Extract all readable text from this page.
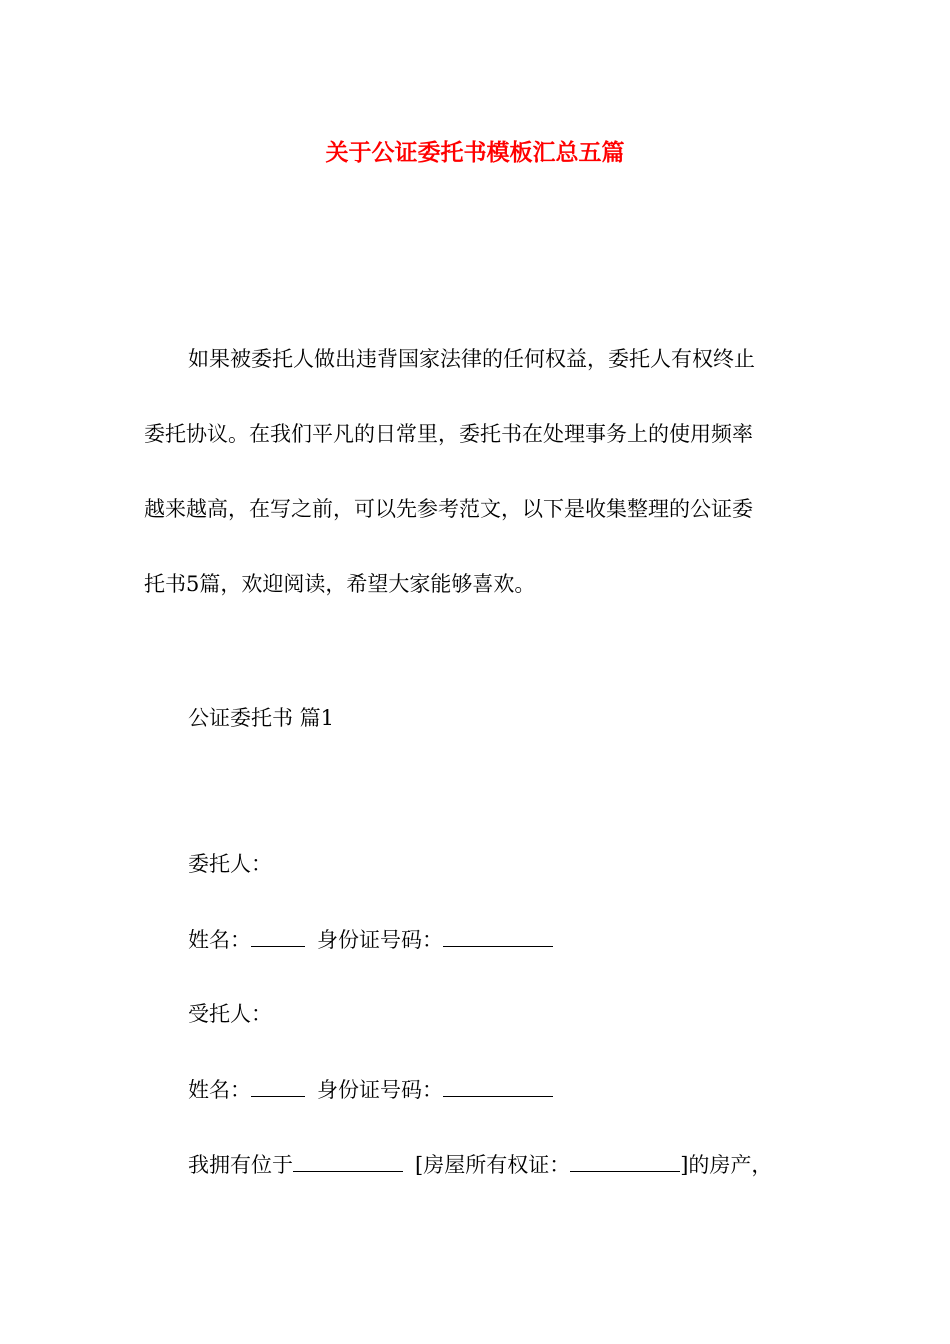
关于公证委托书模板汇总五篇
如果被委托人做出违背国家法律的任何权益，委托人有权终止
委托协议。在我们平凡的日常里，委托书在处理事务上的使用频率
越来越高，在写之前，可以先参考范文，以下是收集整理的公证委
托书5篇，欢迎阅读，希望大家能够喜欢。
公证委托书 篇1
委托人：
姓名：	身份证号码：
受托人：
姓名：	身份证号码：
我拥有位于	[房屋所有权证：	]的房产，
